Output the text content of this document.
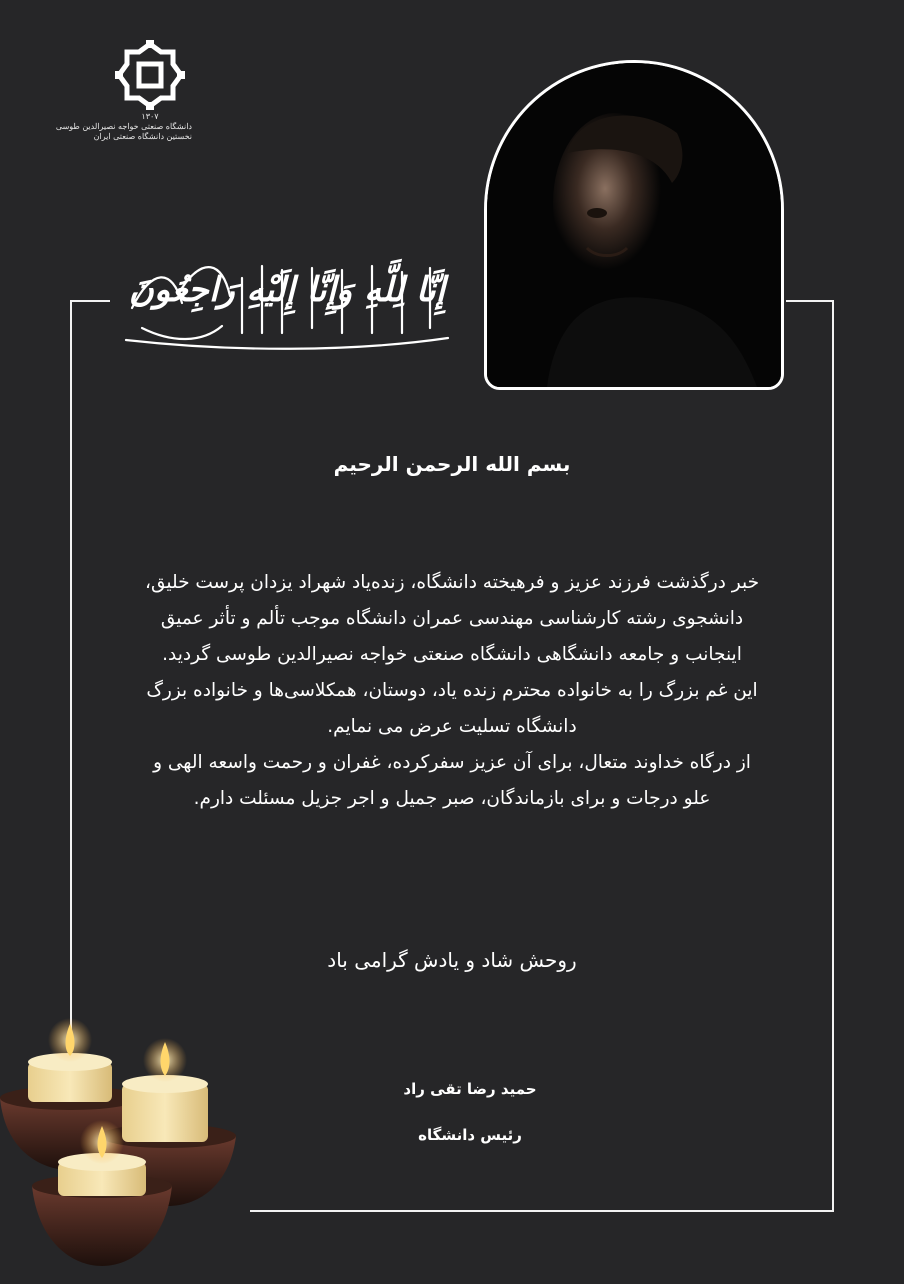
۱۳۰۷
دانشگاه صنعتی خواجه نصیرالدین طوسی
نخستین دانشگاه صنعتی ایران
إِنَّا لِلَّهِ وَإِنَّا إِلَيْهِ رَاجِعُونَ
بسم الله الرحمن الرحیم
خبر درگذشت فرزند عزیز و فرهیخته دانشگاه، زنده‌یاد شهراد یزدان پرست خلیق،
دانشجوی رشته کارشناسی مهندسی عمران دانشگاه موجب تألم و تأثر عمیق
اینجانب و جامعه دانشگاهی دانشگاه صنعتی خواجه نصیرالدین طوسی گردید.
این غم بزرگ را به خانواده محترم زنده یاد، دوستان، همکلاسی‌ها و خانواده بزرگ
دانشگاه تسلیت عرض می نمایم.
از درگاه خداوند متعال، برای آن عزیز سفرکرده، غفران و رحمت واسعه الهی و
علو درجات و برای بازماندگان، صبر جمیل و اجر جزیل مسئلت دارم.
روحش شاد و یادش گرامی باد
حمید رضا تقی راد
رئیس دانشگاه
